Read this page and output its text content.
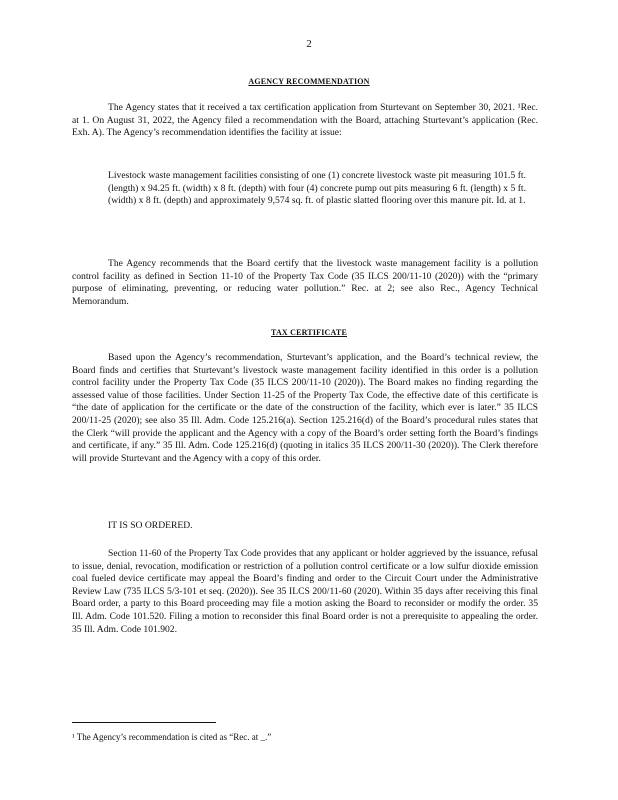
2
AGENCY RECOMMENDATION

The Agency states that it received a tax certification application from Sturtevant on September 30, 2021. ¹Rec. at 1. On August 31, 2022, the Agency filed a recommendation with the Board, attaching Sturtevant’s application (Rec. Exh. A). The Agency’s recommendation identifies the facility at issue:

Livestock waste management facilities consisting of one (1) concrete livestock waste pit measuring 101.5 ft. (length) x 94.25 ft. (width) x 8 ft. (depth) with four (4) concrete pump out pits measuring 6 ft. (length) x 5 ft. (width) x 8 ft. (depth) and approximately 9,574 sq. ft. of plastic slatted flooring over this manure pit. Id. at 1.

The Agency recommends that the Board certify that the livestock waste management facility is a pollution control facility as defined in Section 11-10 of the Property Tax Code (35 ILCS 200/11-10 (2020)) with the “primary purpose of eliminating, preventing, or reducing water pollution.” Rec. at 2; see also Rec., Agency Technical Memorandum.

TAX CERTIFICATE

Based upon the Agency’s recommendation, Sturtevant’s application, and the Board’s technical review, the Board finds and certifies that Sturtevant’s livestock waste management facility identified in this order is a pollution control facility under the Property Tax Code (35 ILCS 200/11-10 (2020)). The Board makes no finding regarding the assessed value of those facilities. Under Section 11-25 of the Property Tax Code, the effective date of this certificate is “the date of application for the certificate or the date of the construction of the facility, which ever is later.” 35 ILCS 200/11-25 (2020); see also 35 Ill. Adm. Code 125.216(a). Section 125.216(d) of the Board’s procedural rules states that the Clerk “will provide the applicant and the Agency with a copy of the Board’s order setting forth the Board’s findings and certificate, if any.” 35 Ill. Adm. Code 125.216(d) (quoting in italics 35 ILCS 200/11-30 (2020)). The Clerk therefore will provide Sturtevant and the Agency with a copy of this order.

IT IS SO ORDERED.

Section 11-60 of the Property Tax Code provides that any applicant or holder aggrieved by the issuance, refusal to issue, denial, revocation, modification or restriction of a pollution control certificate or a low sulfur dioxide emission coal fueled device certificate may appeal the Board’s finding and order to the Circuit Court under the Administrative Review Law (735 ILCS 5/3-101 et seq. (2020)). See 35 ILCS 200/11-60 (2020). Within 35 days after receiving this final Board order, a party to this Board proceeding may file a motion asking the Board to reconsider or modify the order. 35 Ill. Adm. Code 101.520. Filing a motion to reconsider this final Board order is not a prerequisite to appealing the order. 35 Ill. Adm. Code 101.902.

¹ The Agency’s recommendation is cited as “Rec. at _.”
